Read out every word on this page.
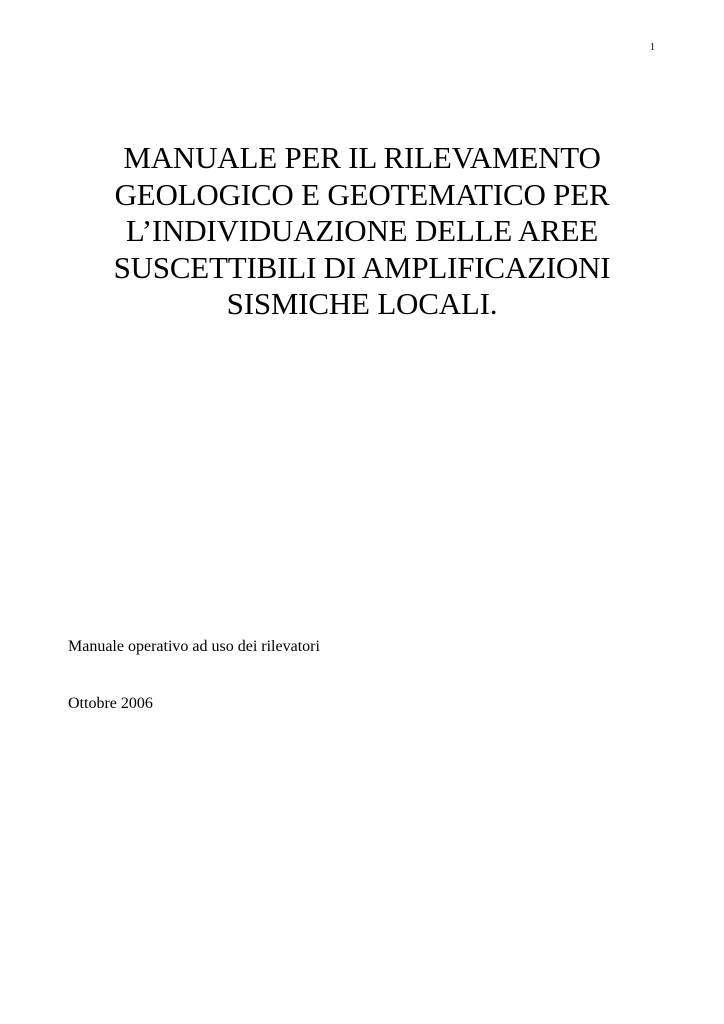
1
MANUALE PER IL RILEVAMENTO
GEOLOGICO E GEOTEMATICO PER
L’INDIVIDUAZIONE DELLE AREE
SUSCETTIBILI DI AMPLIFICAZIONI
SISMICHE LOCALI.
Manuale operativo ad uso dei rilevatori
Ottobre 2006
